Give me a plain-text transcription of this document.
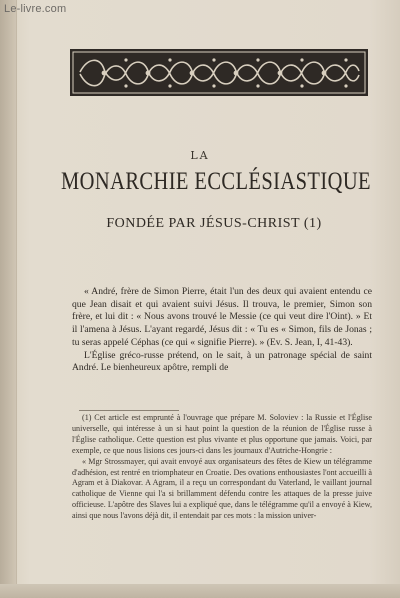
Le-livre.com
LA
MONARCHIE ECCLÉSIASTIQUE
FONDÉE PAR JÉSUS-CHRIST (1)

« André, frère de Simon Pierre, était l'un des deux qui avaient entendu ce que Jean disait et qui avaient suivi Jésus. Il trouva, le premier, Simon son frère, et lui dit : « Nous avons trouvé le Messie (ce qui veut dire l'Oint). » Et il l'amena à Jésus. L'ayant regardé, Jésus dit : « Tu es « Simon, fils de Jonas ; tu seras appelé Céphas (ce qui « signifie Pierre). » (Ev. S. Jean, I, 41-43).

L'Église gréco-russe prétend, on le sait, à un patronage spécial de saint André. Le bienheureux apôtre, rempli de

(1) Cet article est emprunté à l'ouvrage que prépare M. Soloviev : la Russie et l'Église universelle, qui intéresse à un si haut point la question de la réunion de l'Église russe à l'Église catholique. Cette question est plus vivante et plus opportune que jamais. Voici, par exemple, ce que nous lisions ces jours-ci dans les journaux d'Autriche-Hongrie :

« Mgr Strossmayer, qui avait envoyé aux organisateurs des fêtes de Kiew un télégramme d'adhésion, est rentré en triomphateur en Croatie. Des ovations enthousiastes l'ont accueilli à Agram et à Diakovar. A Agram, il a reçu un correspondant du Vaterland, le vaillant journal catholique de Vienne qui l'a si brillamment défendu contre les attaques de la presse juive officieuse. L'apôtre des Slaves lui a expliqué que, dans le télégramme qu'il a envoyé à Kiew, ainsi que nous l'avons déjà dit, il entendait par ces mots : la mission univer-
